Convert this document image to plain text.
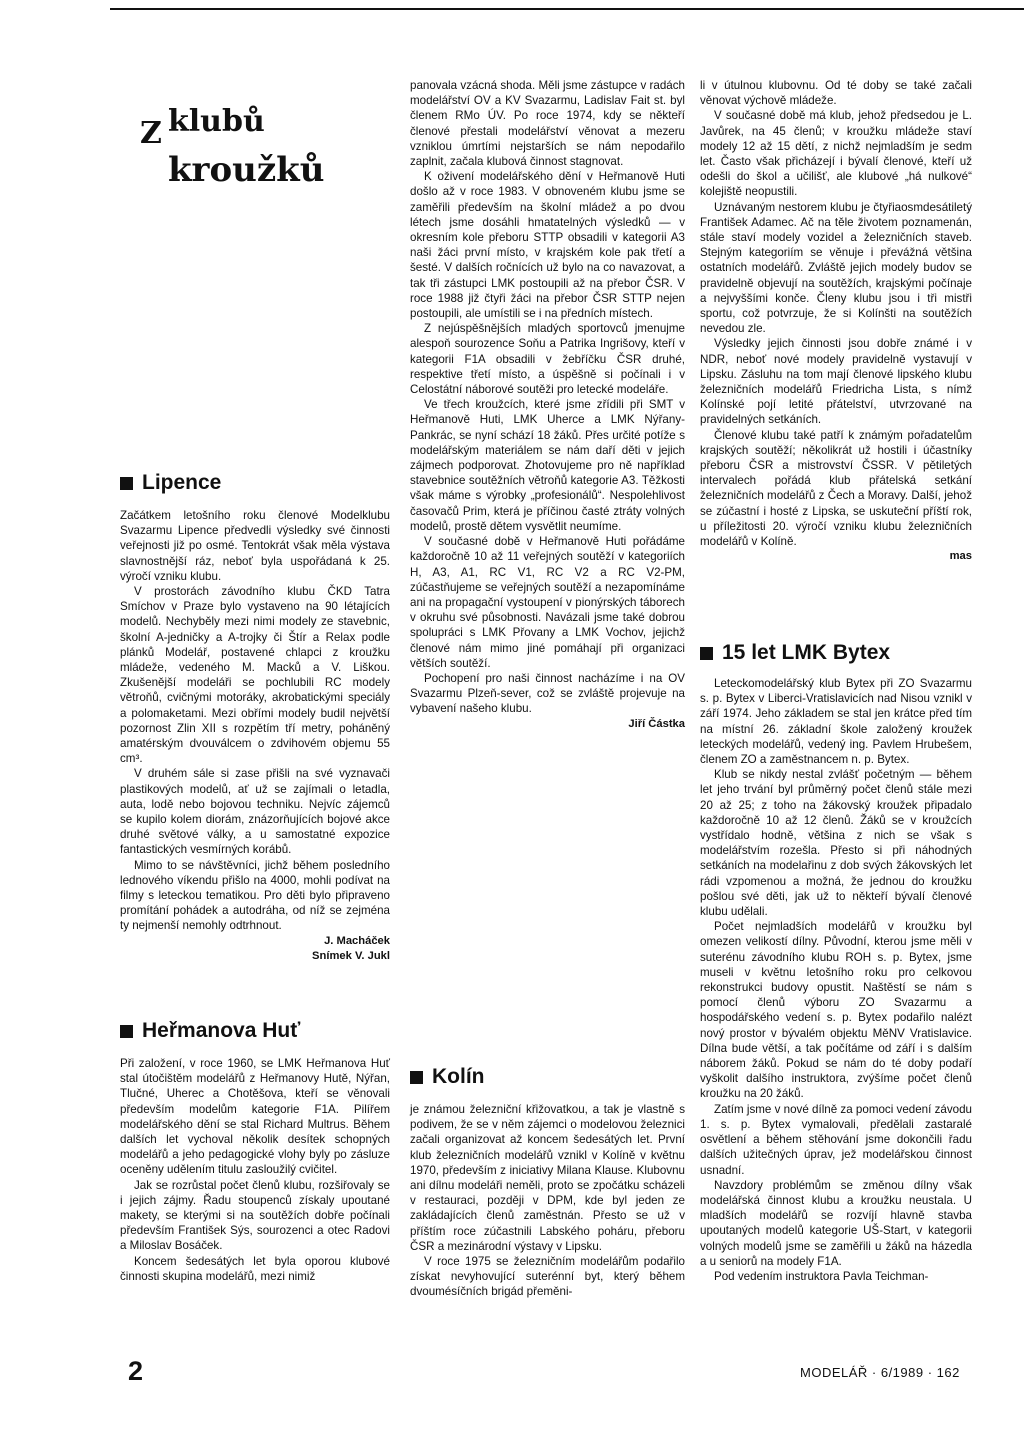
Z klubů
kroužků
Lipence

Začátkem letošního roku členové Modelklubu Svazarmu Lipence předvedli výsledky své činnosti veřejnosti již po osmé. Tentokrát však měla výstava slavnostnější ráz, neboť byla uspořádaná k 25. výročí vzniku klubu.

V prostorách závodního klubu ČKD Tatra Smíchov v Praze bylo vystaveno na 90 létajících modelů. Nechyběly mezi nimi modely ze stavebnic, školní A-jedničky a A-trojky či Štír a Relax podle plánků Modelář, postavené chlapci z kroužku mládeže, vedeného M. Macků a V. Liškou. Zkušenější modeláři se pochlubili RC modely větroňů, cvičnými motoráky, akrobatickými speciály a polomaketami. Mezi obřími modely budil největší pozornost Zlin XII s rozpětím tří metry, poháněný amatérským dvouválcem o zdvihovém objemu 55 cm³.

V druhém sále si zase přišli na své vyznavači plastikových modelů, ať už se zajímali o letadla, auta, lodě nebo bojovou techniku. Nejvíc zájemců se kupilo kolem diorám, znázorňujících bojové akce druhé světové války, a u samostatné expozice fantastických vesmírných korábů.

Mimo to se návštěvníci, jichž během posledního lednového víkendu přišlo na 4000, mohli podívat na filmy s leteckou tematikou. Pro děti bylo připraveno promítání pohádek a autodráha, od níž se zejména ty nejmenší nemohly odtrhnout.

J. Macháček
Snímek V. Jukl
Heřmanova Huť

Při založení, v roce 1960, se LMK Heřmanova Huť stal útočištěm modelářů z Heřmanovy Hutě, Nýřan, Tlučné, Uherec a Chotěšova, kteří se věnovali především modelům kategorie F1A. Pilířem modelářského dění se stal Richard Multrus. Během dalších let vychoval několik desítek schopných modelářů a jeho pedagogické vlohy byly po zásluze oceněny udělením titulu zasloužilý cvičitel.

Jak se rozrůstal počet členů klubu, rozšiřovaly se i jejich zájmy. Řadu stoupenců získaly upoutané makety, se kterými si na soutěžích dobře počínali především František Sýs, sourozenci a otec Radovi a Miloslav Bosáček.

Koncem šedesátých let byla oporou klubové činnosti skupina modelářů, mezi nimiž

panovala vzácná shoda. Měli jsme zástupce v radách modelářství OV a KV Svazarmu, Ladislav Fait st. byl členem RMo ÚV. Po roce 1974, kdy se někteří členové přestali modelářství věnovat a mezeru vzniklou úmrtími nejstarších se nám nepodařilo zaplnit, začala klubová činnost stagnovat.

K oživení modelářského dění v Heřmanově Huti došlo až v roce 1983. V obnoveném klubu jsme se zaměřili především na školní mládež a po dvou létech jsme dosáhli hmatatelných výsledků — v okresním kole přeboru STTP obsadili v kategorii A3 naši žáci první místo, v krajském kole pak třetí a šesté. V dalších ročnících už bylo na co navazovat, a tak tři zástupci LMK postoupili až na přebor ČSR. V roce 1988 již čtyři žáci na přebor ČSR STTP nejen postoupili, ale umístili se i na předních místech.

Z nejúspěšnějších mladých sportovců jmenujme alespoň sourozence Soňu a Patrika Ingrišovy, kteří v kategorii F1A obsadili v žebříčku ČSR druhé, respektive třetí místo, a úspěšně si počínali i v Celostátní náborové soutěži pro letecké modeláře.

Ve třech kroužcích, které jsme zřídili při SMT v Heřmanově Huti, LMK Uherce a LMK Nýřany-Pankrác, se nyní schází 18 žáků. Přes určité potíže s modelářským materiálem se nám daří děti v jejich zájmech podporovat. Zhotovujeme pro ně například stavebnice soutěžních větroňů kategorie A3. Těžkosti však máme s výrobky „profesionálů“. Nespolehlivost časovačů Prim, která je příčinou časté ztráty volných modelů, prostě dětem vysvětlit neumíme.

V současné době v Heřmanově Huti pořádáme každoročně 10 až 11 veřejných soutěží v kategoriích H, A3, A1, RC V1, RC V2 a RC V2-PM, zúčastňujeme se veřejných soutěží a nezapomínáme ani na propagační vystoupení v pionýrských táborech v okruhu své působnosti. Navázali jsme také dobrou spolupráci s LMK Přovany a LMK Vochov, jejichž členové nám mimo jiné pomáhají při organizaci větších soutěží.

Pochopení pro naši činnost nacházíme i na OV Svazarmu Plzeň-sever, což se zvláště projevuje na vybavení našeho klubu.

Jiří Částka
Kolín

je známou železniční křižovatkou, a tak je vlastně s podivem, že se v něm zájemci o modelovou železnici začali organizovat až koncem šedesátých let. První klub železničních modelářů vznikl v Kolíně v květnu 1970, především z iniciativy Milana Klause. Klubovnu ani dílnu modeláři neměli, proto se zpočátku scházeli v restauraci, později v DPM, kde byl jeden ze zakládajících členů zaměstnán. Přesto se už v příštím roce zúčastnili Labského poháru, přeboru ČSR a mezinárodní výstavy v Lipsku.

V roce 1975 se železničním modelářům podařilo získat nevyhovující suterénní byt, který během dvoumésíčních brigád přeměni-

li v útulnou klubovnu. Od té doby se také začali věnovat výchově mládeže.

V současné době má klub, jehož předsedou je L. Javůrek, na 45 členů; v kroužku mládeže staví modely 12 až 15 dětí, z nichž nejmladším je sedm let. Často však přicházejí i bývalí členové, kteří už odešli do škol a učilišť, ale klubové „há nulkové“ kolejiště neopustili.

Uznávaným nestorem klubu je čtyřiaosmdesátiletý František Adamec. Ač na těle životem poznamenán, stále staví modely vozidel a železničních staveb. Stejným kategoriím se věnuje i převážná většina ostatních modelářů. Zvláště jejich modely budov se pravidelně objevují na soutěžích, krajskými počínaje a nejvyššími konče. Členy klubu jsou i tři mistři sportu, což potvrzuje, že si Kolínšti na soutěžích nevedou zle.

Výsledky jejich činnosti jsou dobře známé i v NDR, neboť nové modely pravidelně vystavují v Lipsku. Zásluhu na tom mají členové lipského klubu železničních modelářů Friedricha Lista, s nímž Kolínské pojí letité přátelství, utvrzované na pravidelných setkáních.

Členové klubu také patří k známým pořadatelům krajských soutěží; několikrát už hostili i účastníky přeboru ČSR a mistrovství ČSSR. V pětiletých intervalech pořádá klub přátelská setkání železničních modelářů z Čech a Moravy. Další, jehož se zúčastní i hosté z Lipska, se uskuteční příští rok, u příležitosti 20. výročí vzniku klubu železničních modelářů v Kolíně.

mas
15 let LMK Bytex

Leteckomodelářský klub Bytex při ZO Svazarmu s. p. Bytex v Liberci-Vratislavicích nad Nisou vznikl v září 1974. Jeho základem se stal jen krátce před tím na místní 26. základní škole založený kroužek leteckých modelářů, vedený ing. Pavlem Hrubešem, členem ZO a zaměstnancem n. p. Bytex.

Klub se nikdy nestal zvlášť početným — během let jeho trvání byl průměrný počet členů stále mezi 20 až 25; z toho na žákovský kroužek připadalo každoročně 10 až 12 členů. Žáků se v kroužcích vystřídalo hodně, většina z nich se však s modelářstvím rozešla. Přesto si při náhodných setkáních na modelařinu z dob svých žákovských let rádi vzpomenou a možná, že jednou do kroužku pošlou své děti, jak už to někteří bývalí členové klubu udělali.

Počet nejmladších modelářů v kroužku byl omezen velikostí dílny. Původní, kterou jsme měli v suterénu závodního klubu ROH s. p. Bytex, jsme museli v květnu letošního roku pro celkovou rekonstrukci budovy opustit. Naštěstí se nám s pomocí členů výboru ZO Svazarmu a hospodářského vedení s. p. Bytex podařilo nalézt nový prostor v bývalém objektu MěNV Vratislavice. Dílna bude větší, a tak počítáme od září i s dalším náborem žáků. Pokud se nám do té doby podaří vyškolit dalšího instruktora, zvýšíme počet členů kroužku na 20 žáků.

Zatím jsme v nové dílně za pomoci vedení závodu 1. s. p. Bytex vymalovali, předělali zastaralé osvětlení a během stěhování jsme dokončili řadu dalších užitečných úprav, jež modelářskou činnost usnadní.

Navzdory problémům se změnou dílny však modelářská činnost klubu a kroužku neustala. U mladších modelářů se rozvíjí hlavně stavba upoutaných modelů kategorie UŠ-Start, v kategorii volných modelů jsme se zaměřili u žáků na házedla a u seniorů na modely F1A.

Pod vedením instruktora Pavla Teichman-

2	MODELÁŘ · 6/1989 · 162
